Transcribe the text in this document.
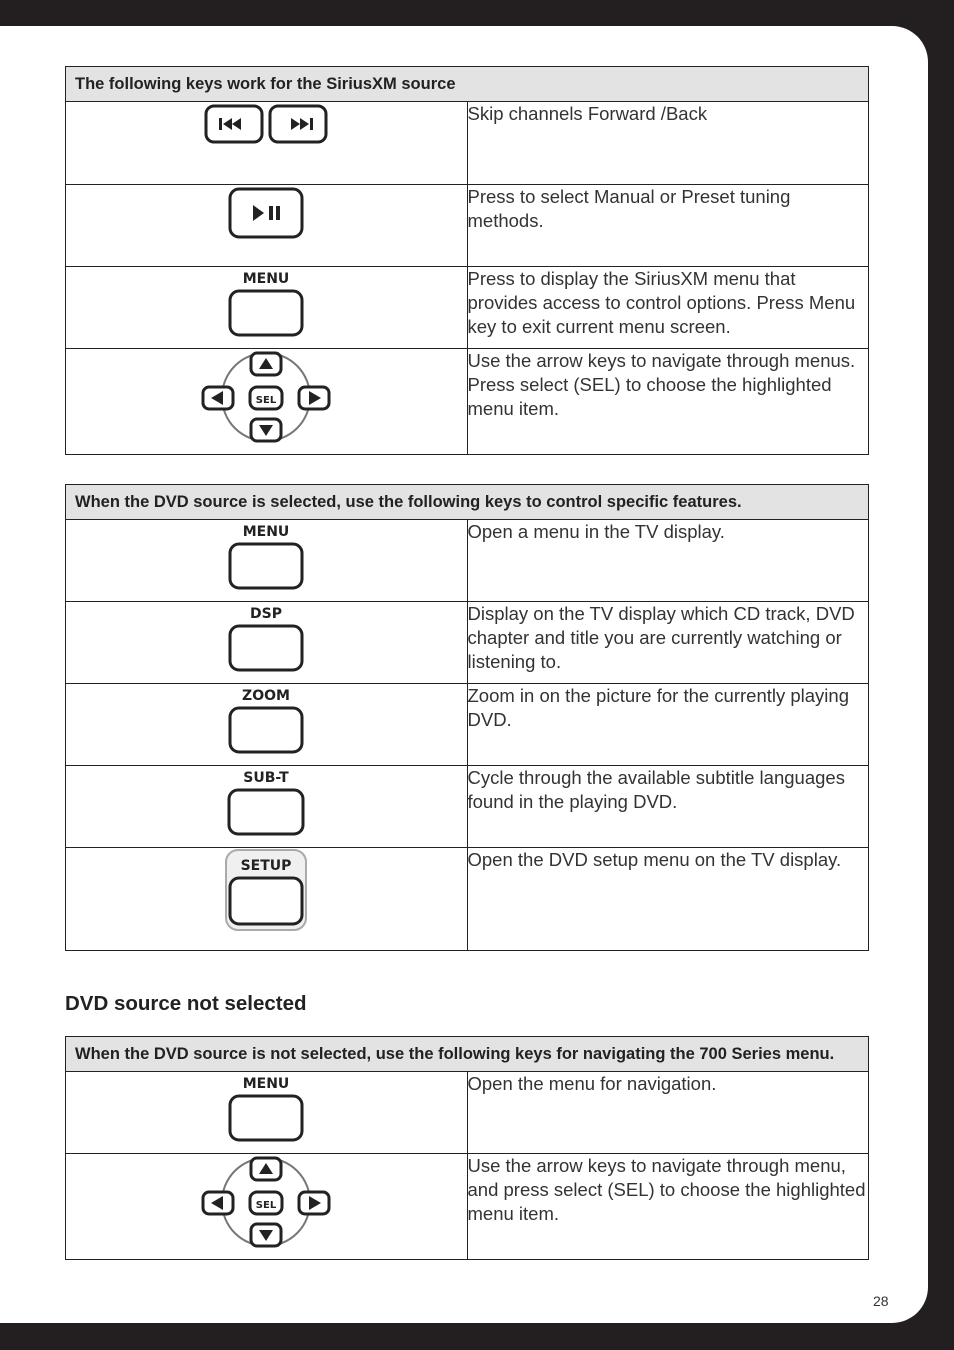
The following keys work for the SiriusXM source	

	Skip channels Forward /Back

	Press to select Manual or Preset tuning methods.

MENU	Press to display the SiriusXM menu that provides access to control options. Press Menu key to exit current menu screen.

SEL	Use the arrow keys to navigate through menus. Press select (SEL) to choose the highlighted menu item.
When the DVD source is selected, use the following keys to control specific features.	

MENU	Open a menu in the TV display.

DSP	Display on the TV display which CD track, DVD chapter and title you are currently watching or listening to.

ZOOM	Zoom in on the picture for the currently playing DVD.

SUB-T	Cycle through the available subtitle languages found in the playing DVD.

SETUP	Open the DVD setup menu on the TV display.
DVD source not selected
When the DVD source is not selected, use the following keys for navigating the 700 Series menu.	

MENU	Open the menu for navigation.

SEL	Use the arrow keys to navigate through menu, and press select (SEL) to choose the highlighted menu item.
28
